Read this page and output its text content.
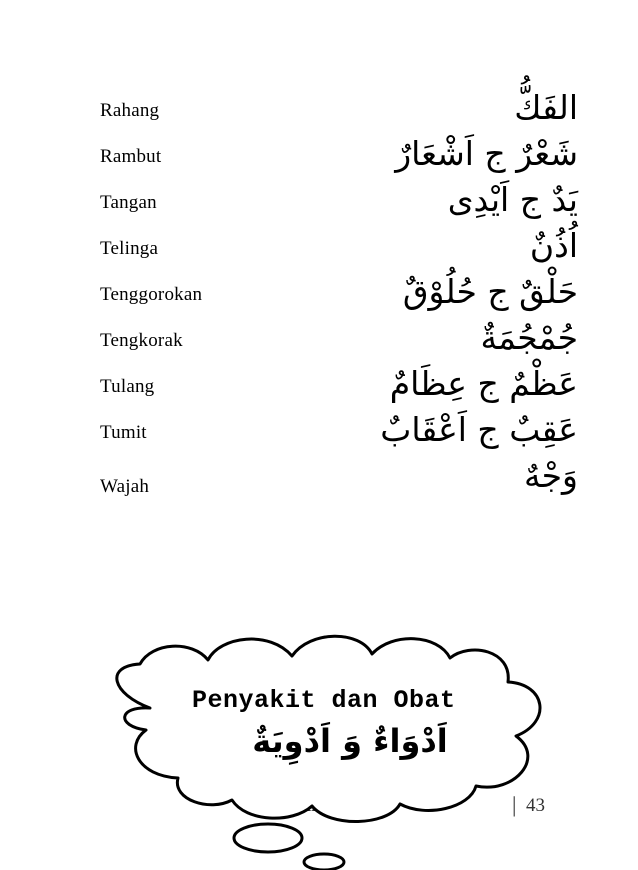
Rahang	الفَكُّ
Rambut	شَعْرٌ ج اَشْعَارٌ
Tangan	يَدٌ ج اَيْدِى
Telinga	اُذُنٌ
Tenggorokan	حَلْقٌ ج حُلُوْقٌ
Tengkorak	جُمْجُمَةٌ
Tulang	عَظْمٌ ج عِظَامٌ
Tumit	عَقِبٌ ج اَعْقَابٌ
Wajah	وَجْهٌ
| 43
Penyakit dan Obat
اَدْوَاءٌ وَ اَدْوِيَةٌ
